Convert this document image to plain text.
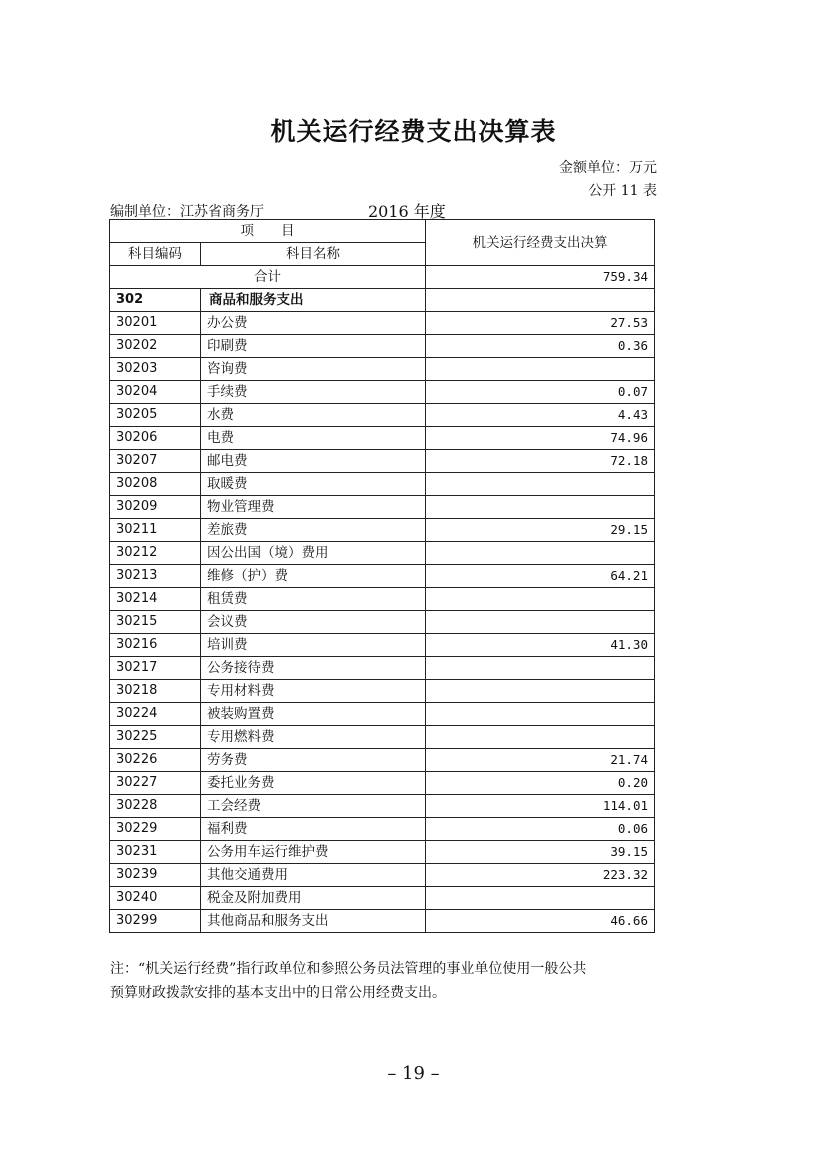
机关运行经费支出决算表
金额单位：万元
公开 11 表
编制单位：江苏省商务厅	2016 年度
项　　目		机关运行经费支出决算
科目编码	科目名称	
合计		759.34
302	商品和服务支出	
30201	办公费	27.53
30202	印刷费	0.36
30203	咨询费	
30204	手续费	0.07
30205	水费	4.43
30206	电费	74.96
30207	邮电费	72.18
30208	取暖费	
30209	物业管理费	
30211	差旅费	29.15
30212	因公出国（境）费用	
30213	维修（护）费	64.21
30214	租赁费	
30215	会议费	
30216	培训费	41.30
30217	公务接待费	
30218	专用材料费	
30224	被装购置费	
30225	专用燃料费	
30226	劳务费	21.74
30227	委托业务费	0.20
30228	工会经费	114.01
30229	福利费	0.06
30231	公务用车运行维护费	39.15
30239	其他交通费用	223.32
30240	税金及附加费用	
30299	其他商品和服务支出	46.66
注：“机关运行经费”指行政单位和参照公务员法管理的事业单位使用一般公共
预算财政拨款安排的基本支出中的日常公用经费支出。
– 19 –
